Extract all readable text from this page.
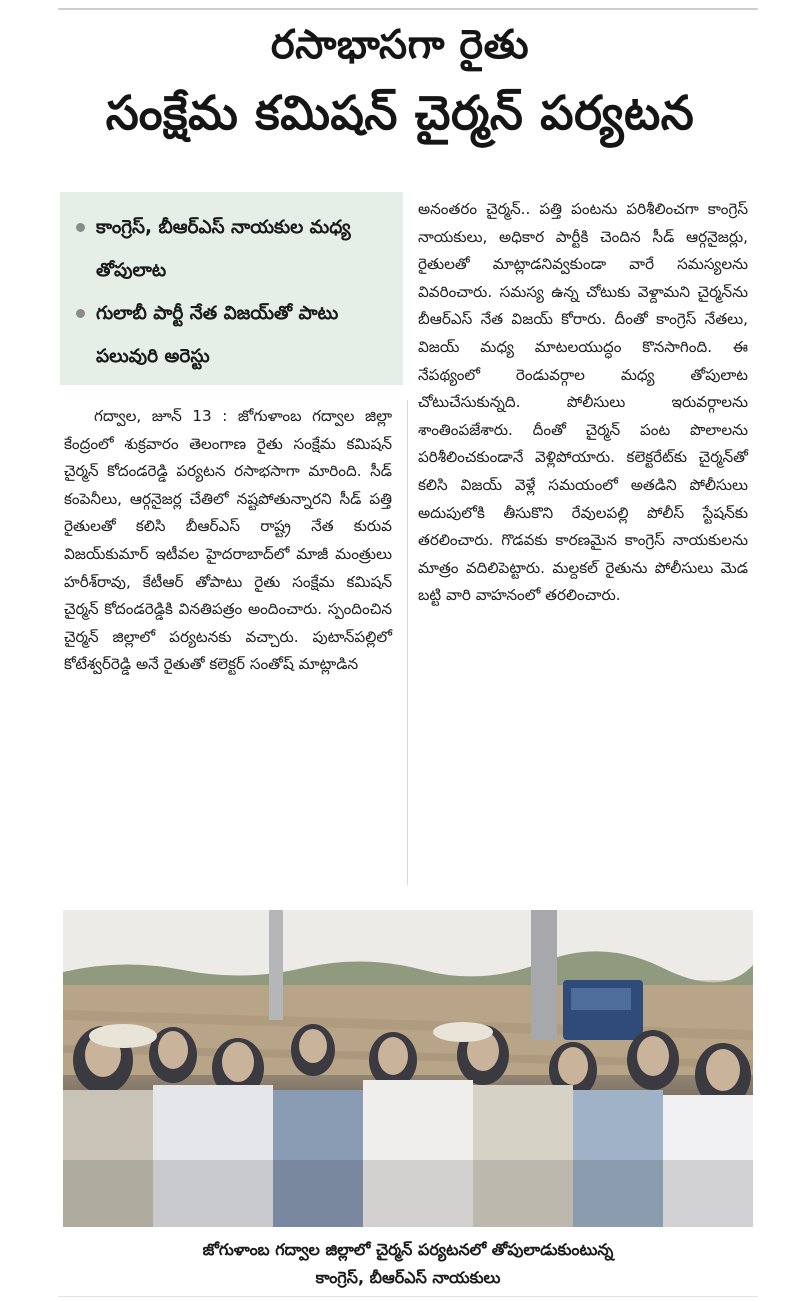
రసాభాసగా రైతు
సంక్షేమ కమిషన్ చైర్మన్ పర్యటన
కాంగ్రెస్, బీఆర్ఎస్ నాయకుల మధ్య తోపులాట
గులాబీ పార్టీ నేత విజయ్‌తో పాటు పలువురి అరెస్టు
గద్వాల, జూన్ 13 : జోగుళాంబ గద్వాల జిల్లా కేంద్రంలో శుక్రవారం తెలంగాణ రైతు సంక్షేమ కమిషన్ చైర్మన్ కోదండరెడ్డి పర్యటన రసాభసాగా మారింది. సీడ్ కంపెనీలు, ఆర్గనైజర్ల చేతిలో నష్టపోతున్నారని సీడ్ పత్తి రైతులతో కలిసి బీఆర్ఎస్ రాష్ట్ర నేత కురువ విజయ్‌కుమార్ ఇటీవల హైదరాబాద్‌లో మాజీ మంత్రులు హరీశ్‌రావు, కేటీఆర్ తోపాటు రైతు సంక్షేమ కమిషన్ చైర్మన్ కోదండరెడ్డికి వినతిపత్రం అందించారు. స్పందించిన చైర్మన్ జిల్లాలో పర్యటనకు వచ్చారు. పుటాన్‌పల్లిలో కోటేశ్వర్‌రెడ్డి అనే రైతుతో కలెక్టర్ సంతోష్ మాట్లాడిన
అనంతరం చైర్మన్.. పత్తి పంటను పరిశీలించగా కాంగ్రెస్ నాయకులు, అధికార పార్టీకి చెందిన సీడ్ ఆర్గనైజర్లు, రైతులతో మాట్లాడనివ్వకుండా వారే సమస్యలను వివరించారు. సమస్య ఉన్న చోటుకు వెళ్దామని చైర్మన్‌ను బీఆర్ఎస్ నేత విజయ్ కోరారు. దీంతో కాంగ్రెస్ నేతలు, విజయ్ మధ్య మాటలయుద్ధం కొనసాగింది. ఈ నేపథ్యంలో రెండువర్గాల మధ్య తోపులాట చోటుచేసుకున్నది. పోలీసులు ఇరువర్గాలను శాంతింపజేశారు. దీంతో చైర్మన్ పంట పొలాలను పరిశీలించకుండానే వెళ్లిపోయారు. కలెక్టరేట్‌కు చైర్మన్‌తో కలిసి విజయ్ వెళ్లే సమయంలో అతడిని పోలీసులు అదుపులోకి తీసుకొని రేవులపల్లి పోలీస్ స్టేషన్‌కు తరలించారు. గొడవకు కారణమైన కాంగ్రెస్ నాయకులను మాత్రం వదిలిపెట్టారు. మల్దకల్ రైతును పోలీసులు మెడ బట్టి వారి వాహనంలో తరలించారు.
జోగుళాంబ గద్వాల జిల్లాలో చైర్మన్ పర్యటనలో తోపులాడుకుంటున్న
కాంగ్రెస్, బీఆర్ఎస్ నాయకులు
